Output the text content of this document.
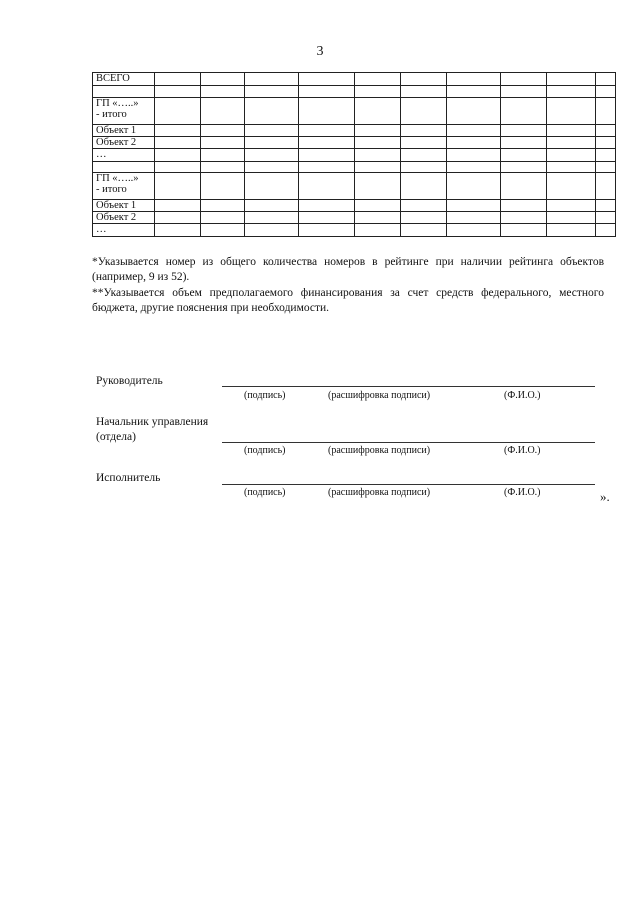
3
ВСЕГО										

ГП «…..»
- итого										
Объект 1										
Объект 2										
…										

ГП «…..»
- итого										
Объект 1										
Объект 2										
…										
*Указывается номер из общего количества номеров в рейтинге при наличии рейтинга объектов (например, 9 из 52).
**Указывается объем предполагаемого финансирования за счет средств федерального, местного бюджета, другие пояснения при необходимости.
Руководитель
(подпись)	(расшифровка подписи)	(Ф.И.О.)
Начальник управления
(отдела)
(подпись)	(расшифровка подписи)	(Ф.И.О.)
Исполнитель
(подпись)	(расшифровка подписи)	(Ф.И.О.)	».
